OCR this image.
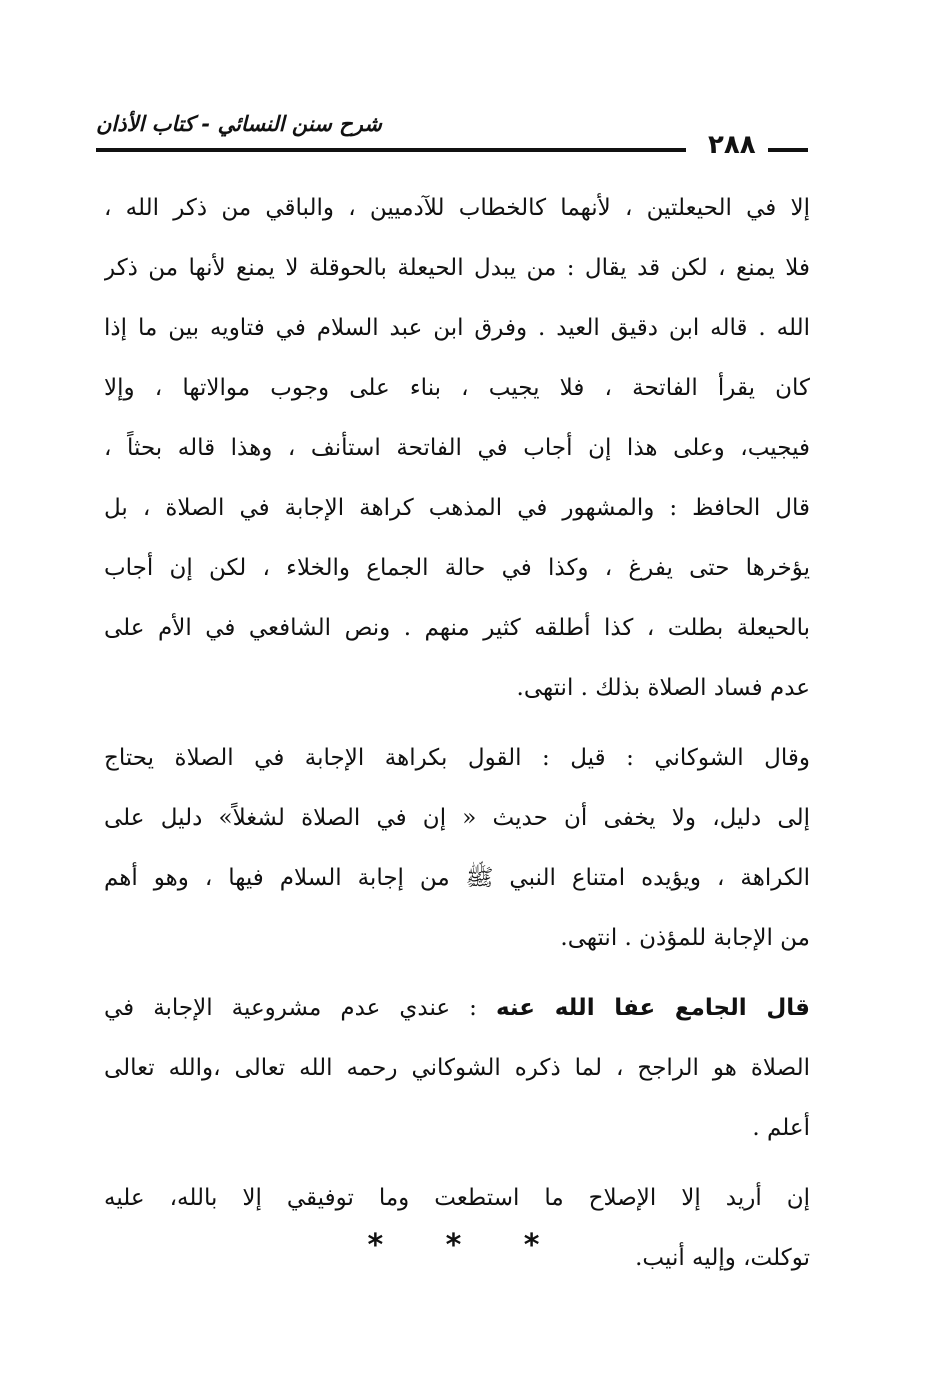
شرح سنن النسائي - كتاب الأذان
٢٨٨
إلا في الحيعلتين ، لأنهما كالخطاب للآدميين ، والباقي من ذكر الله ،
فلا يمنع ، لكن قد يقال : من يبدل الحيعلة بالحوقلة لا يمنع لأنها من ذكر
الله . قاله ابن دقيق العيد . وفرق ابن عبد السلام في فتاويه بين ما إذا
كان يقرأ الفاتحة ، فلا يجيب ، بناء على وجوب موالاتها ، وإلا
فيجيب، وعلى هذا إن أجاب في الفاتحة استأنف ، وهذا قاله بحثاً ،
قال الحافظ : والمشهور في المذهب كراهة الإجابة في الصلاة ، بل
يؤخرها حتى يفرغ ، وكذا في حالة الجماع والخلاء ، لكن إن أجاب
بالحيعلة بطلت ، كذا أطلقه كثير منهم . ونص الشافعي في الأم على
عدم فساد الصلاة بذلك . انتهى.
وقال الشوكاني : قيل : القول بكراهة الإجابة في الصلاة يحتاج
إلى دليل، ولا يخفى أن حديث « إن في الصلاة لشغلاً» دليل على
الكراهة ، ويؤيده امتناع النبي ﷺ من إجابة السلام فيها ، وهو أهم
من الإجابة للمؤذن . انتهى.
قال الجامع عفا الله عنه : عندي عدم مشروعية الإجابة في
الصلاة هو الراجح ، لما ذكره الشوكاني رحمه الله تعالى ،والله تعالى
أعلم .
إن أريد إلا الإصلاح ما استطعت وما توفيقي إلا بالله، عليه
توكلت، وإليه أنيب.
* * *
